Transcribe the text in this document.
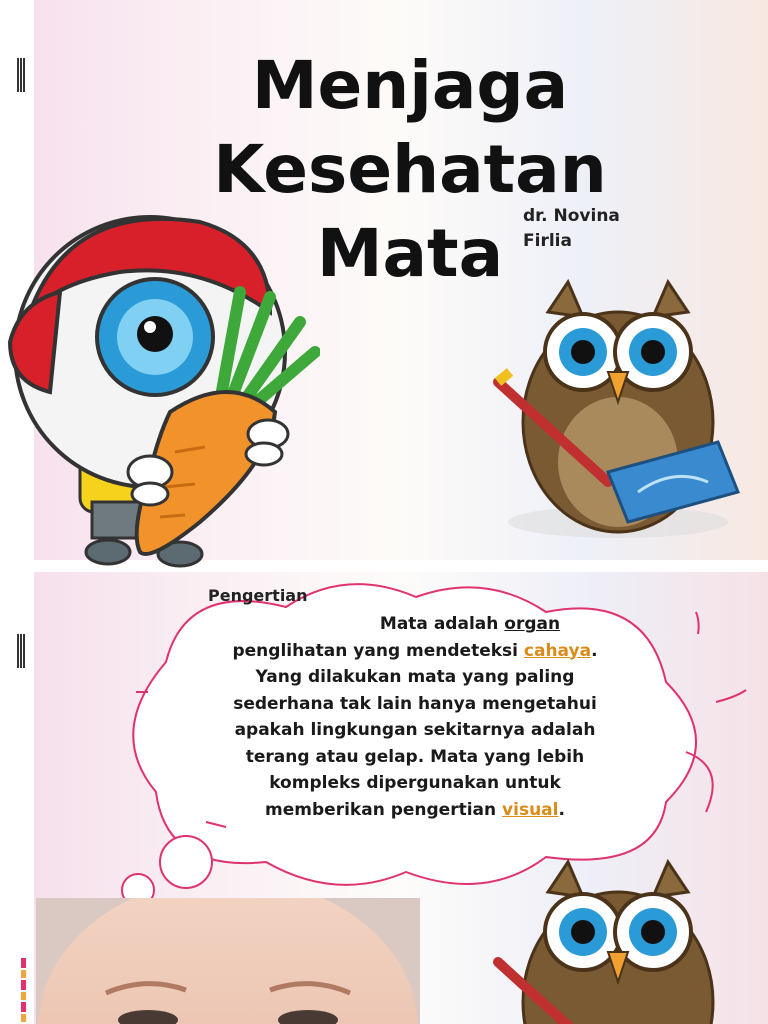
Menjaga
Kesehatan
Mata	dr. Novina
Firlia

Pengertian

Mata adalah organ penglihatan yang mendeteksi cahaya. Yang dilakukan mata yang paling sederhana tak lain hanya mengetahui apakah lingkungan sekitarnya adalah terang atau gelap. Mata yang lebih kompleks dipergunakan untuk memberikan pengertian visual.
